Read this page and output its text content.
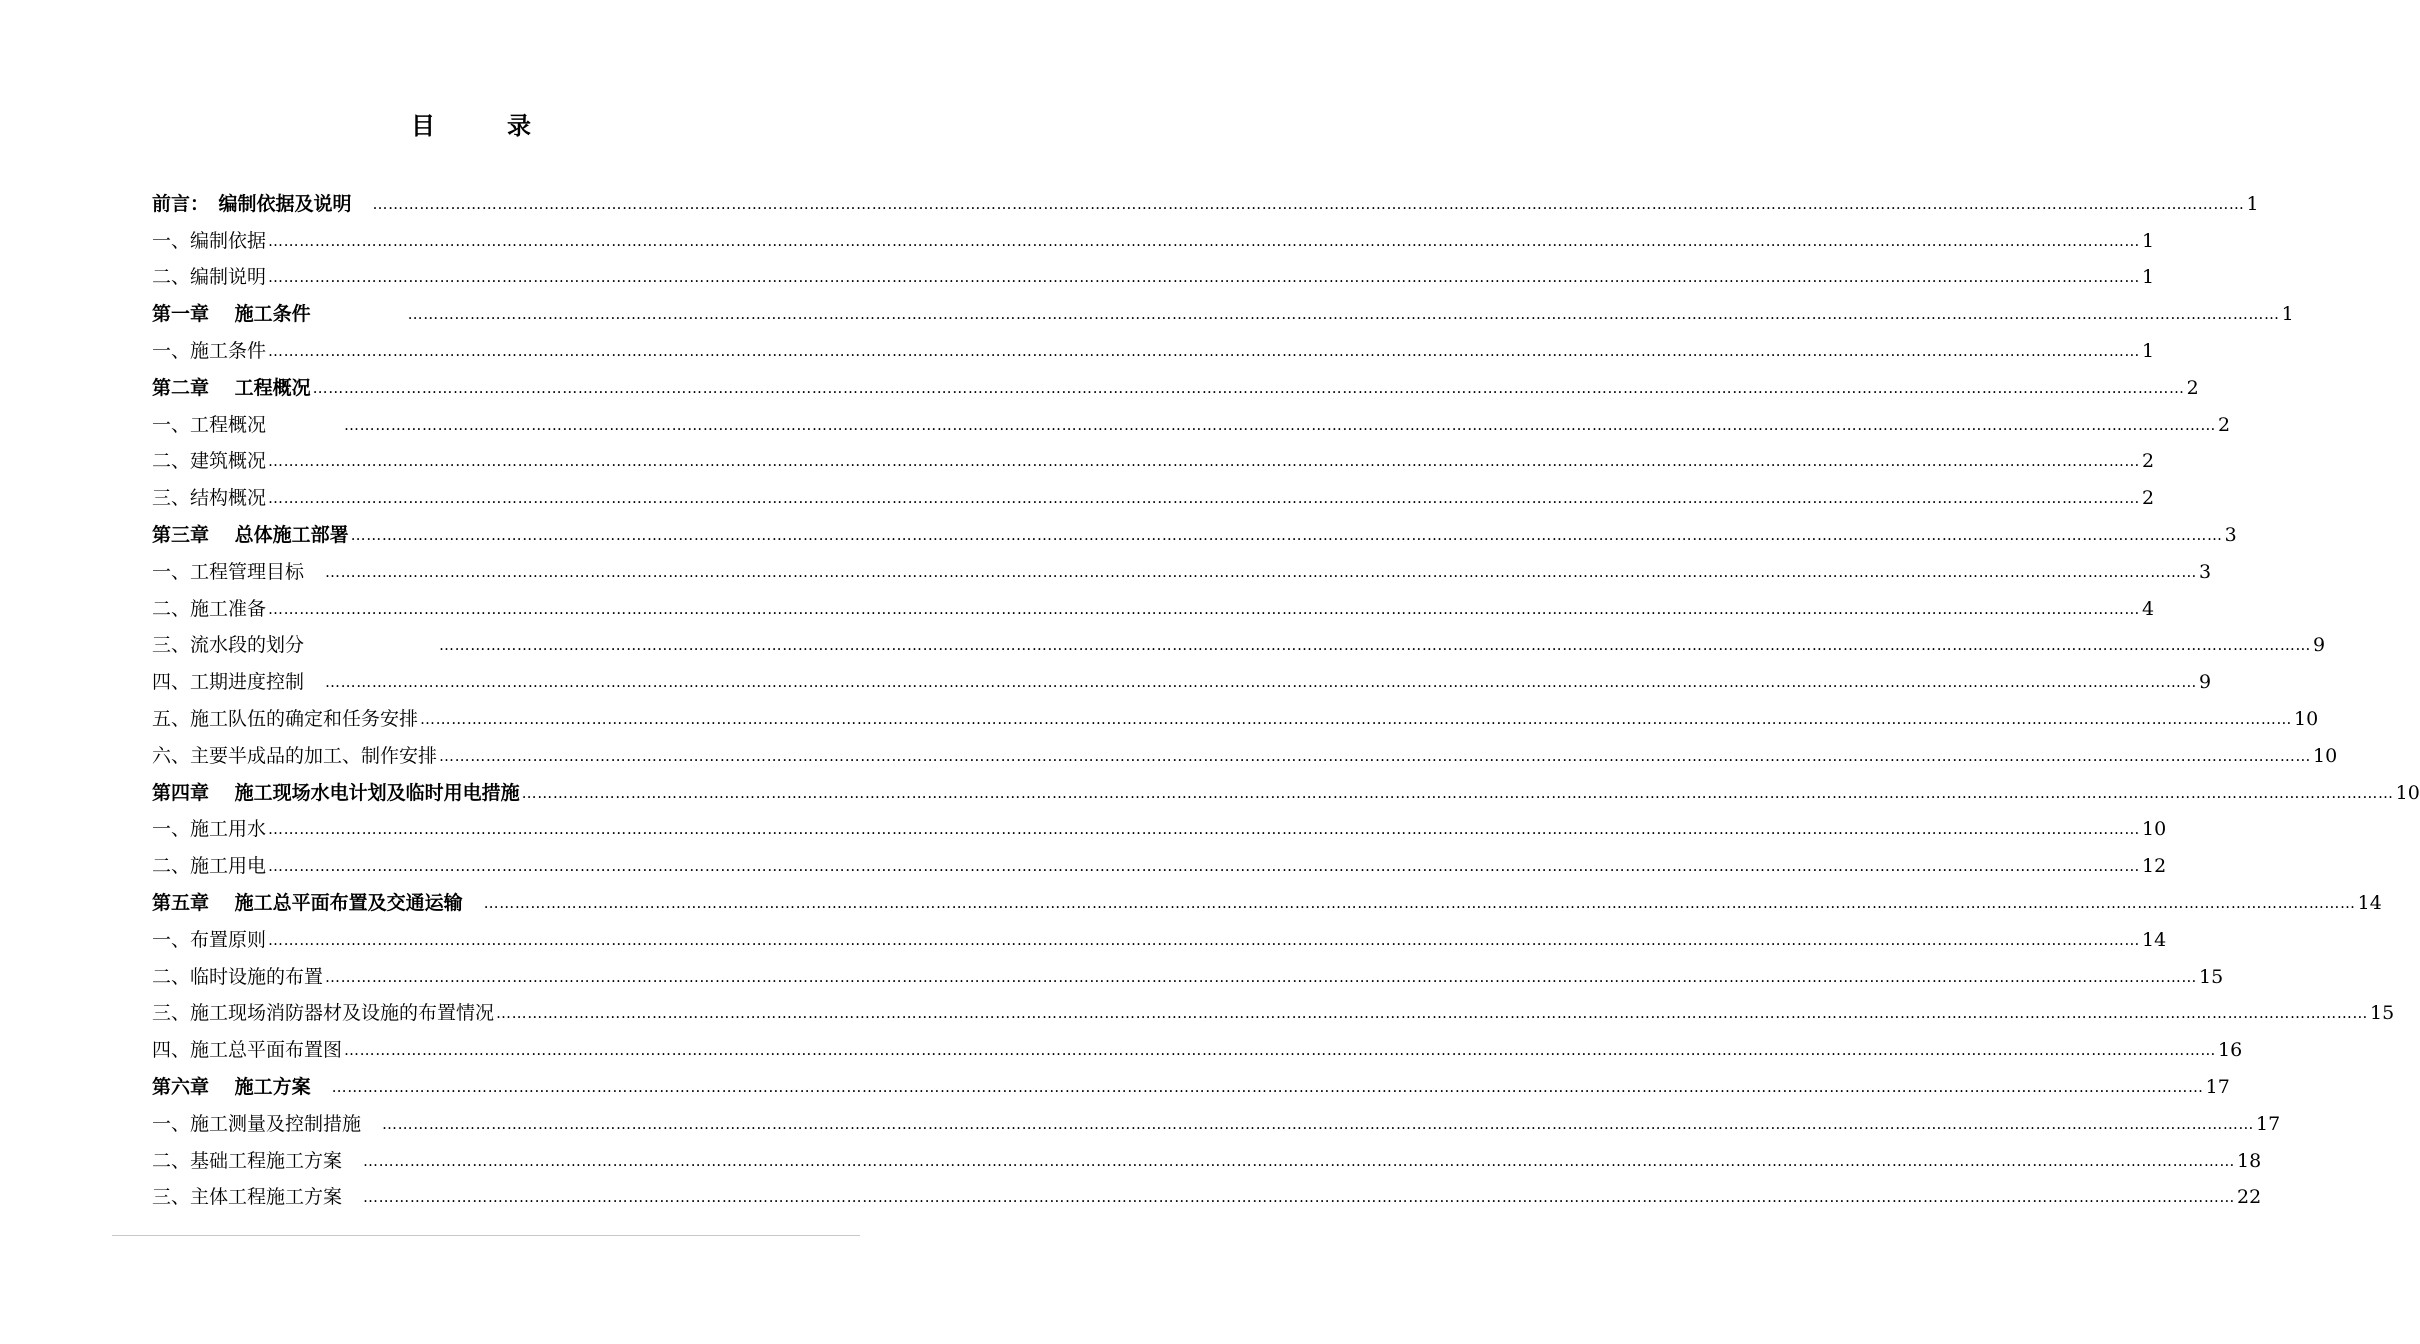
目　录
前言：　编制依据及说明　 ……………………………………………………………………………………………………………………………………………………………………………………………………………………………………………………………………………………………………………………………… 1
一、编制依据 ……………………………………………………………………………………………………………………………………………………………………………………………………………………………………………………………………………………………………………………………… 1
二、编制说明 ……………………………………………………………………………………………………………………………………………………………………………………………………………………………………………………………………………………………………………………………… 1
第一章　 施工条件　　　　　 ……………………………………………………………………………………………………………………………………………………………………………………………………………………………………………………………………………………………………………………………… 1
一、施工条件 ……………………………………………………………………………………………………………………………………………………………………………………………………………………………………………………………………………………………………………………………… 1
第二章　 工程概况 ……………………………………………………………………………………………………………………………………………………………………………………………………………………………………………………………………………………………………………………………… 2
一、工程概况　　　　 ……………………………………………………………………………………………………………………………………………………………………………………………………………………………………………………………………………………………………………………………… 2
二、建筑概况 ……………………………………………………………………………………………………………………………………………………………………………………………………………………………………………………………………………………………………………………………… 2
三、结构概况 ……………………………………………………………………………………………………………………………………………………………………………………………………………………………………………………………………………………………………………………………… 2
第三章　 总体施工部署 ……………………………………………………………………………………………………………………………………………………………………………………………………………………………………………………………………………………………………………………………… 3
一、工程管理目标　 ……………………………………………………………………………………………………………………………………………………………………………………………………………………………………………………………………………………………………………………………… 3
二、施工准备 ……………………………………………………………………………………………………………………………………………………………………………………………………………………………………………………………………………………………………………………………… 4
三、流水段的划分　　　　　　　 ……………………………………………………………………………………………………………………………………………………………………………………………………………………………………………………………………………………………………………………………… 9
四、工期进度控制　 ……………………………………………………………………………………………………………………………………………………………………………………………………………………………………………………………………………………………………………………………… 9
五、施工队伍的确定和任务安排 ……………………………………………………………………………………………………………………………………………………………………………………………………………………………………………………………………………………………………………………………… 10
六、主要半成品的加工、制作安排 ……………………………………………………………………………………………………………………………………………………………………………………………………………………………………………………………………………………………………………………………… 10
第四章　 施工现场水电计划及临时用电措施 ……………………………………………………………………………………………………………………………………………………………………………………………………………………………………………………………………………………………………………………………… 10
一、施工用水 ……………………………………………………………………………………………………………………………………………………………………………………………………………………………………………………………………………………………………………………………… 10
二、施工用电 ……………………………………………………………………………………………………………………………………………………………………………………………………………………………………………………………………………………………………………………………… 12
第五章　 施工总平面布置及交通运输　 ……………………………………………………………………………………………………………………………………………………………………………………………………………………………………………………………………………………………………………………………… 14
一、布置原则 ……………………………………………………………………………………………………………………………………………………………………………………………………………………………………………………………………………………………………………………………… 14
二、临时设施的布置 ……………………………………………………………………………………………………………………………………………………………………………………………………………………………………………………………………………………………………………………………… 15
三、施工现场消防器材及设施的布置情况 ……………………………………………………………………………………………………………………………………………………………………………………………………………………………………………………………………………………………………………………………… 15
四、施工总平面布置图 ……………………………………………………………………………………………………………………………………………………………………………………………………………………………………………………………………………………………………………………………… 16
第六章　 施工方案　 ……………………………………………………………………………………………………………………………………………………………………………………………………………………………………………………………………………………………………………………………… 17
一、施工测量及控制措施　 ……………………………………………………………………………………………………………………………………………………………………………………………………………………………………………………………………………………………………………………………… 17
二、基础工程施工方案　 ……………………………………………………………………………………………………………………………………………………………………………………………………………………………………………………………………………………………………………………………… 18
三、主体工程施工方案　 ……………………………………………………………………………………………………………………………………………………………………………………………………………………………………………………………………………………………………………………………… 22
